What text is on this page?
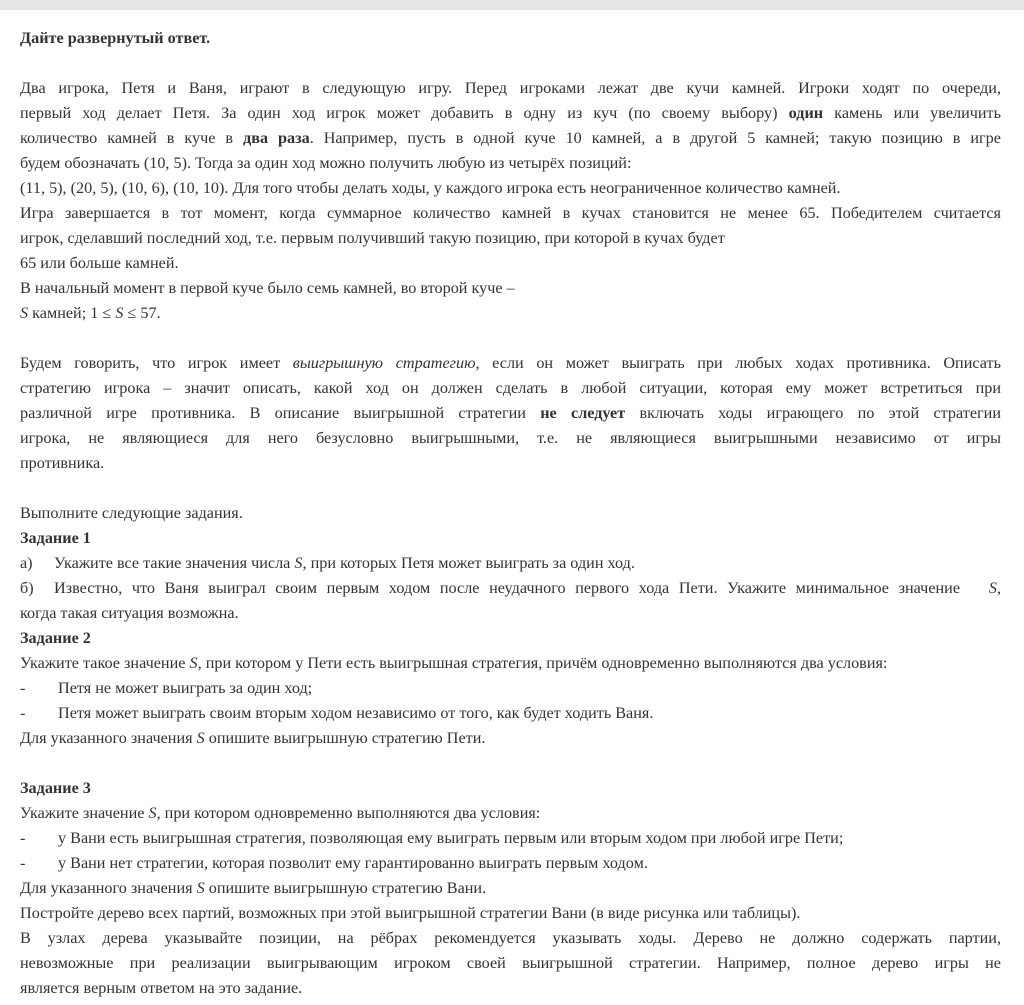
Дайте развернутый ответ.
Два игрока, Петя и Ваня, играют в следующую игру. Перед игроками лежат две кучи камней. Игроки ходят по очереди,
первый ход делает Петя. За один ход игрок может добавить в одну из куч (по своему выбору) один камень или увеличить
количество камней в куче в два раза. Например, пусть в одной куче 10 камней, а в другой 5 камней; такую позицию в игре
будем обозначать (10, 5). Тогда за один ход можно получить любую из четырёх позиций:
(11, 5), (20, 5), (10, 6), (10, 10). Для того чтобы делать ходы, у каждого игрока есть неограниченное количество камней.
Игра завершается в тот момент, когда суммарное количество камней в кучах становится не менее 65. Победителем считается
игрок, сделавший последний ход, т.е. первым получивший такую позицию, при которой в кучах будет
65 или больше камней.
В начальный момент в первой куче было семь камней, во второй куче –
S камней; 1 ≤ S ≤ 57.
Будем говорить, что игрок имеет выигрышную стратегию, если он может выиграть при любых ходах противника. Описать
стратегию игрока – значит описать, какой ход он должен сделать в любой ситуации, которая ему может встретиться при
различной игре противника. В описание выигрышной стратегии не следует включать ходы играющего по этой стратегии
игрока, не являющиеся для него безусловно выигрышными, т.е. не являющиеся выигрышными независимо от игры
противника.
Выполните следующие задания.
Задание 1
а) Укажите все такие значения числа S, при которых Петя может выиграть за один ход.
б) Известно, что Ваня выиграл своим первым ходом после неудачного первого хода Пети. Укажите минимальное значение S,
когда такая ситуация возможна.
Задание 2
Укажите такое значение S, при котором у Пети есть выигрышная стратегия, причём одновременно выполняются два условия:
- Петя не может выиграть за один ход;
- Петя может выиграть своим вторым ходом независимо от того, как будет ходить Ваня.
Для указанного значения S опишите выигрышную стратегию Пети.
Задание 3
Укажите значение S, при котором одновременно выполняются два условия:
- у Вани есть выигрышная стратегия, позволяющая ему выиграть первым или вторым ходом при любой игре Пети;
- у Вани нет стратегии, которая позволит ему гарантированно выиграть первым ходом.
Для указанного значения S опишите выигрышную стратегию Вани.
Постройте дерево всех партий, возможных при этой выигрышной стратегии Вани (в виде рисунка или таблицы).
В узлах дерева указывайте позиции, на рёбрах рекомендуется указывать ходы. Дерево не должно содержать партии,
невозможные при реализации выигрывающим игроком своей выигрышной стратегии. Например, полное дерево игры не
является верным ответом на это задание.
